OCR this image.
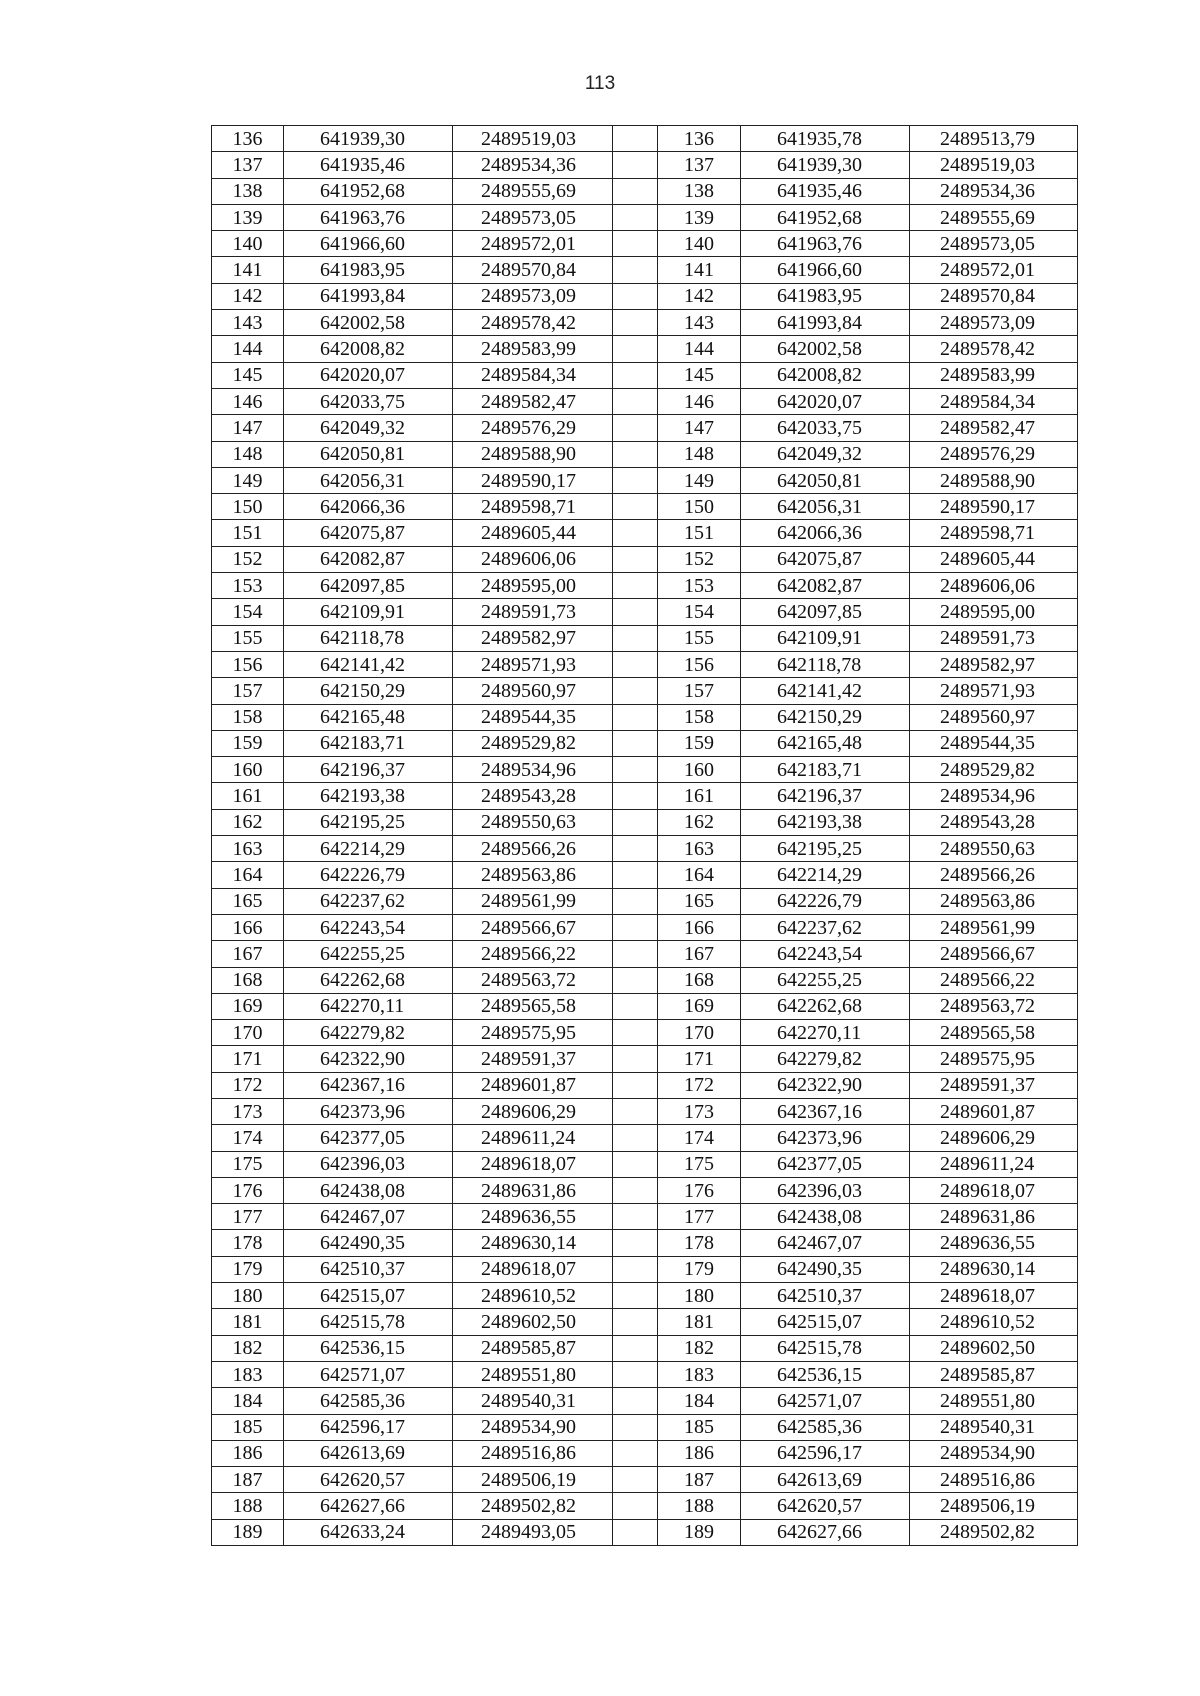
113
136	641939,30	2489519,03		136	641935,78	2489513,79
137	641935,46	2489534,36		137	641939,30	2489519,03
138	641952,68	2489555,69		138	641935,46	2489534,36
139	641963,76	2489573,05		139	641952,68	2489555,69
140	641966,60	2489572,01		140	641963,76	2489573,05
141	641983,95	2489570,84		141	641966,60	2489572,01
142	641993,84	2489573,09		142	641983,95	2489570,84
143	642002,58	2489578,42		143	641993,84	2489573,09
144	642008,82	2489583,99		144	642002,58	2489578,42
145	642020,07	2489584,34		145	642008,82	2489583,99
146	642033,75	2489582,47		146	642020,07	2489584,34
147	642049,32	2489576,29		147	642033,75	2489582,47
148	642050,81	2489588,90		148	642049,32	2489576,29
149	642056,31	2489590,17		149	642050,81	2489588,90
150	642066,36	2489598,71		150	642056,31	2489590,17
151	642075,87	2489605,44		151	642066,36	2489598,71
152	642082,87	2489606,06		152	642075,87	2489605,44
153	642097,85	2489595,00		153	642082,87	2489606,06
154	642109,91	2489591,73		154	642097,85	2489595,00
155	642118,78	2489582,97		155	642109,91	2489591,73
156	642141,42	2489571,93		156	642118,78	2489582,97
157	642150,29	2489560,97		157	642141,42	2489571,93
158	642165,48	2489544,35		158	642150,29	2489560,97
159	642183,71	2489529,82		159	642165,48	2489544,35
160	642196,37	2489534,96		160	642183,71	2489529,82
161	642193,38	2489543,28		161	642196,37	2489534,96
162	642195,25	2489550,63		162	642193,38	2489543,28
163	642214,29	2489566,26		163	642195,25	2489550,63
164	642226,79	2489563,86		164	642214,29	2489566,26
165	642237,62	2489561,99		165	642226,79	2489563,86
166	642243,54	2489566,67		166	642237,62	2489561,99
167	642255,25	2489566,22		167	642243,54	2489566,67
168	642262,68	2489563,72		168	642255,25	2489566,22
169	642270,11	2489565,58		169	642262,68	2489563,72
170	642279,82	2489575,95		170	642270,11	2489565,58
171	642322,90	2489591,37		171	642279,82	2489575,95
172	642367,16	2489601,87		172	642322,90	2489591,37
173	642373,96	2489606,29		173	642367,16	2489601,87
174	642377,05	2489611,24		174	642373,96	2489606,29
175	642396,03	2489618,07		175	642377,05	2489611,24
176	642438,08	2489631,86		176	642396,03	2489618,07
177	642467,07	2489636,55		177	642438,08	2489631,86
178	642490,35	2489630,14		178	642467,07	2489636,55
179	642510,37	2489618,07		179	642490,35	2489630,14
180	642515,07	2489610,52		180	642510,37	2489618,07
181	642515,78	2489602,50		181	642515,07	2489610,52
182	642536,15	2489585,87		182	642515,78	2489602,50
183	642571,07	2489551,80		183	642536,15	2489585,87
184	642585,36	2489540,31		184	642571,07	2489551,80
185	642596,17	2489534,90		185	642585,36	2489540,31
186	642613,69	2489516,86		186	642596,17	2489534,90
187	642620,57	2489506,19		187	642613,69	2489516,86
188	642627,66	2489502,82		188	642620,57	2489506,19
189	642633,24	2489493,05		189	642627,66	2489502,82
